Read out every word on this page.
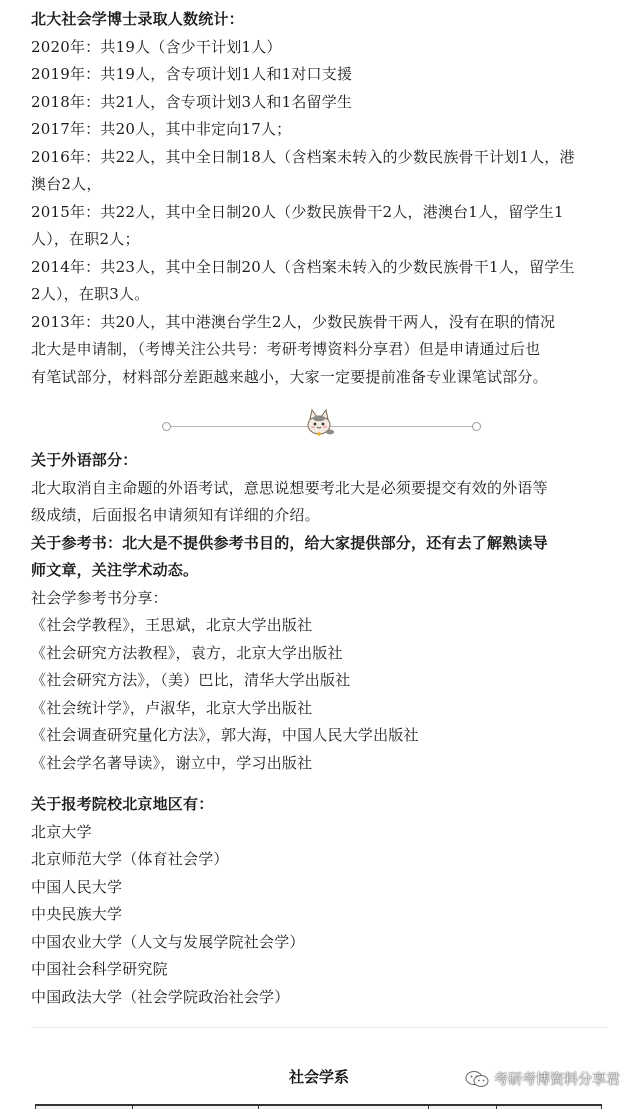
北大社会学博士录取人数统计：
2020年：共19人（含少干计划1人）
2019年：共19人，含专项计划1人和1对口支援
2018年：共21人，含专项计划3人和1名留学生
2017年：共20人，其中非定向17人；
2016年：共22人，其中全日制18人（含档案未转入的少数民族骨干计划1人，港
澳台2人，
2015年：共22人，其中全日制20人（少数民族骨干2人，港澳台1人，留学生1
人），在职2人；
2014年：共23人，其中全日制20人（含档案未转入的少数民族骨干1人，留学生
2人），在职3人。
2013年：共20人，其中港澳台学生2人，少数民族骨干两人，没有在职的情况
北大是申请制，（考博关注公共号：考研考博资料分享君）但是申请通过后也
有笔试部分，材料部分差距越来越小，大家一定要提前准备专业课笔试部分。
关于外语部分：
北大取消自主命题的外语考试，意思说想要考北大是必须要提交有效的外语等
级成绩，后面报名申请须知有详细的介绍。
关于参考书：北大是不提供参考书目的，给大家提供部分，还有去了解熟读导
师文章，关注学术动态。
社会学参考书分享：
《社会学教程》，王思斌，北京大学出版社
《社会研究方法教程》，袁方，北京大学出版社
《社会研究方法》，（美）巴比，清华大学出版社
《社会统计学》，卢淑华，北京大学出版社
《社会调查研究量化方法》，郭大海，中国人民大学出版社
《社会学名著导读》，谢立中，学习出版社
关于报考院校北京地区有：
北京大学
北京师范大学（体育社会学）
中国人民大学
中央民族大学
中国农业大学（人文与发展学院社会学）
中国社会科学研究院
中国政法大学（社会学院政治社会学）
社会学系	考研考博资料分享君
